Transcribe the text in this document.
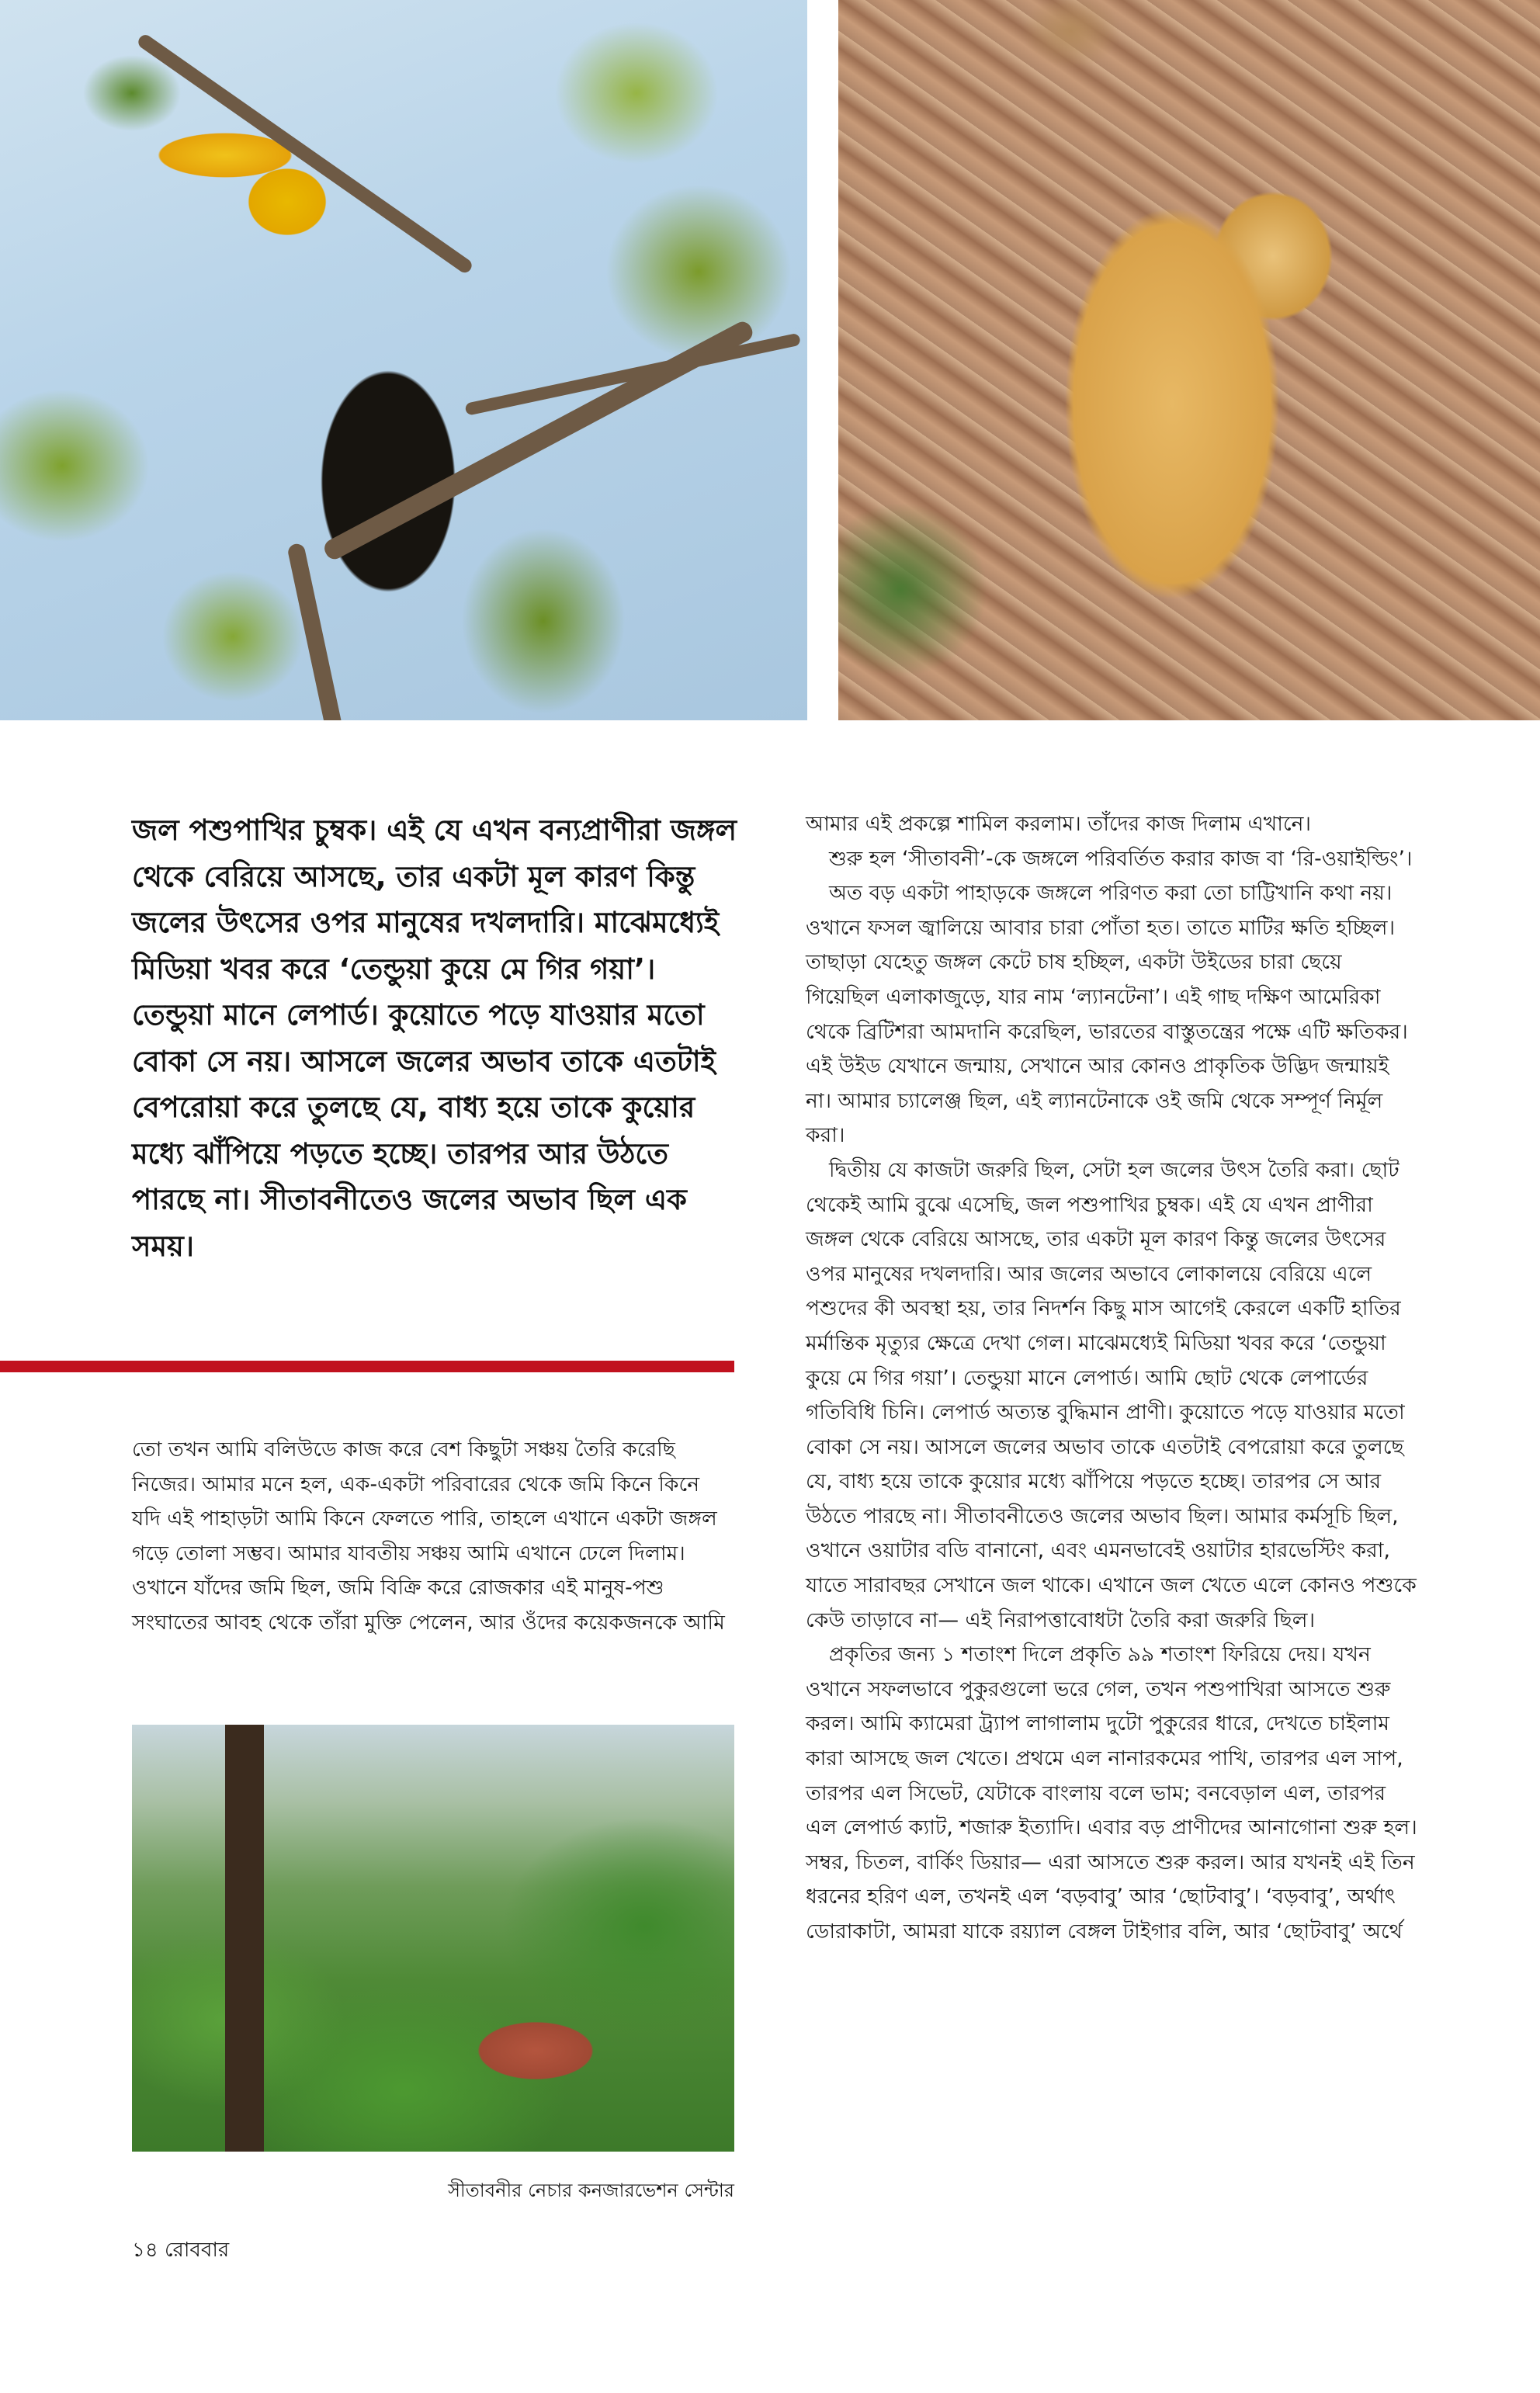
জল পশুপাখির চুম্বক। এই যে এখন বন্যপ্রাণীরা জঙ্গল থেকে বেরিয়ে আসছে, তার একটা মূল কারণ কিন্তু জলের উৎসের ওপর মানুষের দখলদারি। মাঝেমধ্যেই মিডিয়া খবর করে ‘তেন্ডুয়া কুয়ে মে গির গয়া’। তেন্ডুয়া মানে লেপার্ড। কুয়োতে পড়ে যাওয়ার মতো বোকা সে নয়। আসলে জলের অভাব তাকে এতটাই বেপরোয়া করে তুলছে যে, বাধ্য হয়ে তাকে কুয়োর মধ্যে ঝাঁপিয়ে পড়তে হচ্ছে। তারপর আর উঠতে পারছে না। সীতাবনীতেও জলের অভাব ছিল এক সময়।

তো তখন আমি বলিউডে কাজ করে বেশ কিছুটা সঞ্চয় তৈরি করেছি নিজের। আমার মনে হল, এক-একটা পরিবারের থেকে জমি কিনে কিনে যদি এই পাহাড়টা আমি কিনে ফেলতে পারি, তাহলে এখানে একটা জঙ্গল গড়ে তোলা সম্ভব। আমার যাবতীয় সঞ্চয় আমি এখানে ঢেলে দিলাম। ওখানে যাঁদের জমি ছিল, জমি বিক্রি করে রোজকার এই মানুষ-পশু সংঘাতের আবহ থেকে তাঁরা মুক্তি পেলেন, আর ওঁদের কয়েকজনকে আমি

সীতাবনীর নেচার কনজারভেশন সেন্টার

আমার এই প্রকল্পে শামিল করলাম। তাঁদের কাজ দিলাম এখানে।

শুরু হল ‘সীতাবনী’-কে জঙ্গলে পরিবর্তিত করার কাজ বা ‘রি-ওয়াইল্ডিং’।

অত বড় একটা পাহাড়কে জঙ্গলে পরিণত করা তো চাট্টিখানি কথা নয়। ওখানে ফসল জ্বালিয়ে আবার চারা পোঁতা হত। তাতে মাটির ক্ষতি হচ্ছিল। তাছাড়া যেহেতু জঙ্গল কেটে চাষ হচ্ছিল, একটা উইডের চারা ছেয়ে গিয়েছিল এলাকাজুড়ে, যার নাম ‘ল্যানটেনা’। এই গাছ দক্ষিণ আমেরিকা থেকে ব্রিটিশরা আমদানি করেছিল, ভারতের বাস্তুতন্ত্রের পক্ষে এটি ক্ষতিকর। এই উইড যেখানে জন্মায়, সেখানে আর কোনও প্রাকৃতিক উদ্ভিদ জন্মায়ই না। আমার চ্যালেঞ্জ ছিল, এই ল্যানটেনাকে ওই জমি থেকে সম্পূর্ণ নির্মূল করা।

দ্বিতীয় যে কাজটা জরুরি ছিল, সেটা হল জলের উৎস তৈরি করা। ছোট থেকেই আমি বুঝে এসেছি, জল পশুপাখির চুম্বক। এই যে এখন প্রাণীরা জঙ্গল থেকে বেরিয়ে আসছে, তার একটা মূল কারণ কিন্তু জলের উৎসের ওপর মানুষের দখলদারি। আর জলের অভাবে লোকালয়ে বেরিয়ে এলে পশুদের কী অবস্থা হয়, তার নিদর্শন কিছু মাস আগেই কেরলে একটি হাতির মর্মান্তিক মৃত্যুর ক্ষেত্রে দেখা গেল। মাঝেমধ্যেই মিডিয়া খবর করে ‘তেন্ডুয়া কুয়ে মে গির গয়া’। তেন্ডুয়া মানে লেপার্ড। আমি ছোট থেকে লেপার্ডের গতিবিধি চিনি। লেপার্ড অত্যন্ত বুদ্ধিমান প্রাণী। কুয়োতে পড়ে যাওয়ার মতো বোকা সে নয়। আসলে জলের অভাব তাকে এতটাই বেপরোয়া করে তুলছে যে, বাধ্য হয়ে তাকে কুয়োর মধ্যে ঝাঁপিয়ে পড়তে হচ্ছে। তারপর সে আর উঠতে পারছে না। সীতাবনীতেও জলের অভাব ছিল। আমার কর্মসূচি ছিল, ওখানে ওয়াটার বডি বানানো, এবং এমনভাবেই ওয়াটার হারভেস্টিং করা, যাতে সারাবছর সেখানে জল থাকে। এখানে জল খেতে এলে কোনও পশুকে কেউ তাড়াবে না— এই নিরাপত্তাবোধটা তৈরি করা জরুরি ছিল।

প্রকৃতির জন্য ১ শতাংশ দিলে প্রকৃতি ৯৯ শতাংশ ফিরিয়ে দেয়। যখন ওখানে সফলভাবে পুকুরগুলো ভরে গেল, তখন পশুপাখিরা আসতে শুরু করল। আমি ক্যামেরা ট্র্যাপ লাগালাম দুটো পুকুরের ধারে, দেখতে চাইলাম কারা আসছে জল খেতে। প্রথমে এল নানারকমের পাখি, তারপর এল সাপ, তারপর এল সিভেট, যেটাকে বাংলায় বলে ভাম; বনবেড়াল এল, তারপর এল লেপার্ড ক্যাট, শজারু ইত্যাদি। এবার বড় প্রাণীদের আনাগোনা শুরু হল। সম্বর, চিতল, বার্কিং ডিয়ার— এরা আসতে শুরু করল। আর যখনই এই তিন ধরনের হরিণ এল, তখনই এল ‘বড়বাবু’ আর ‘ছোটবাবু’। ‘বড়বাবু’, অর্থাৎ ডোরাকাটা, আমরা যাকে রয়্যাল বেঙ্গল টাইগার বলি, আর ‘ছোটবাবু’ অর্থে

১৪ রোববার
